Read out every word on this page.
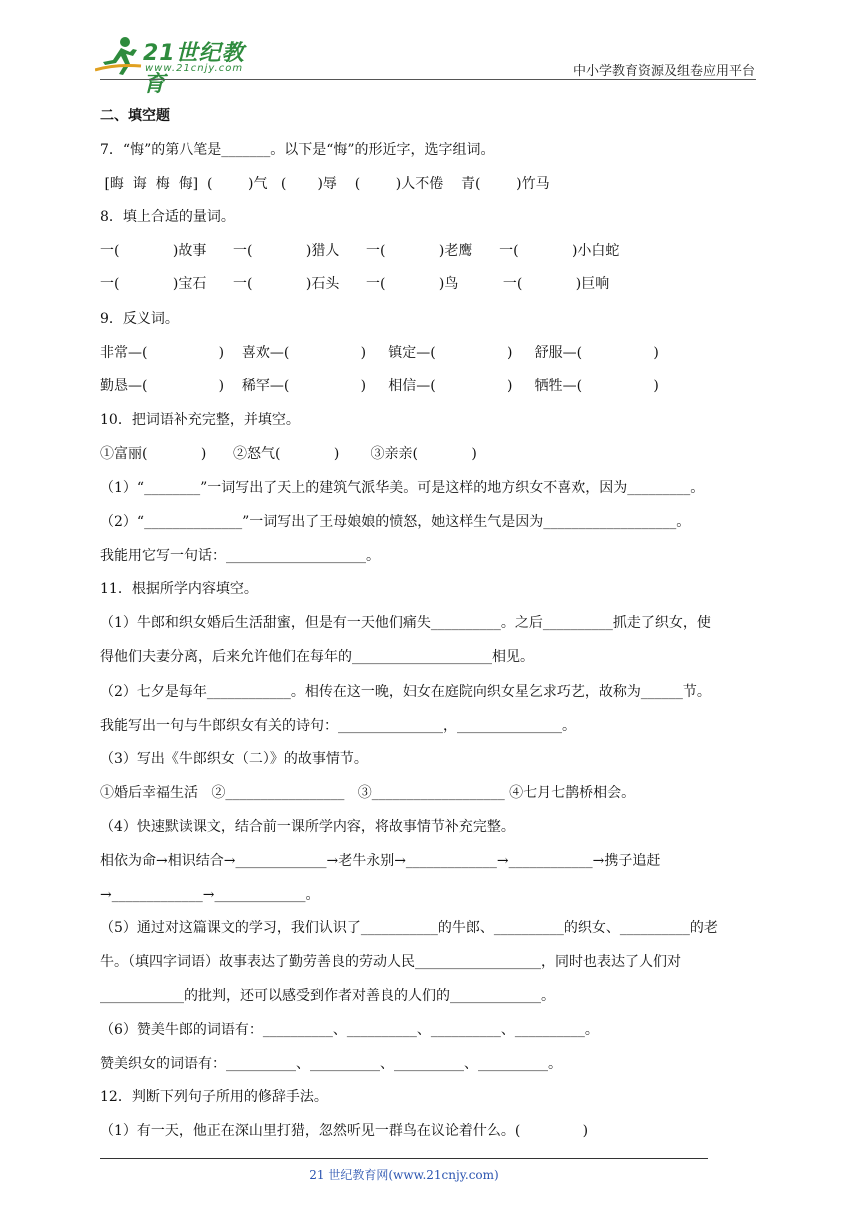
21世纪教育
www.21cnjy.com	中小学教育资源及组卷应用平台
二、填空题
7．“悔”的第八笔是_______。以下是“悔”的形近字，选字组词。
[晦  诲  梅  侮]  (        )气   (       )辱    (        )人不倦    青(        )竹马
8．填上合适的量词。
一(            )故事      一(            )猎人      一(            )老鹰      一(            )小白蛇
一(            )宝石      一(            )石头      一(            )鸟          一(            )巨响
9．反义词。
非常—(                )    喜欢—(                )     镇定—(                )     舒服—(                )
勤恳—(                )    稀罕—(                )     相信—(                )     牺牲—(                )
10．把词语补充完整，并填空。
①富丽(            )      ②怒气(            )       ③亲亲(            )
（1）“________”一词写出了天上的建筑气派华美。可是这样的地方织女不喜欢，因为_________。
（2）“______________”一词写出了王母娘娘的愤怒，她这样生气是因为___________________。
我能用它写一句话：____________________。
11．根据所学内容填空。
（1）牛郎和织女婚后生活甜蜜，但是有一天他们痛失__________。之后__________抓走了织女，使
得他们夫妻分离，后来允许他们在每年的____________________相见。
（2）七夕是每年____________。相传在这一晚，妇女在庭院向织女星乞求巧艺，故称为______节。
我能写出一句与牛郎织女有关的诗句：_______________，_______________。
（3）写出《牛郎织女（二）》的故事情节。
①婚后幸福生活   ②_________________   ③___________________ ④七月七鹊桥相会。
（4）快速默读课文，结合前一课所学内容，将故事情节补充完整。
相依为命→相识结合→_____________→老牛永别→_____________→____________→携子追赶
→_____________→_____________。
（5）通过对这篇课文的学习，我们认识了___________的牛郎、__________的织女、__________的老
牛。（填四字词语）故事表达了勤劳善良的劳动人民__________________，同时也表达了人们对
____________的批判，还可以感受到作者对善良的人们的_____________。
（6）赞美牛郎的词语有：__________、__________、__________、__________。
赞美织女的词语有：__________、__________、__________、__________。
12．判断下列句子所用的修辞手法。
（1）有一天，他正在深山里打猎，忽然听见一群鸟在议论着什么。(              )
21 世纪教育网(www.21cnjy.com)
